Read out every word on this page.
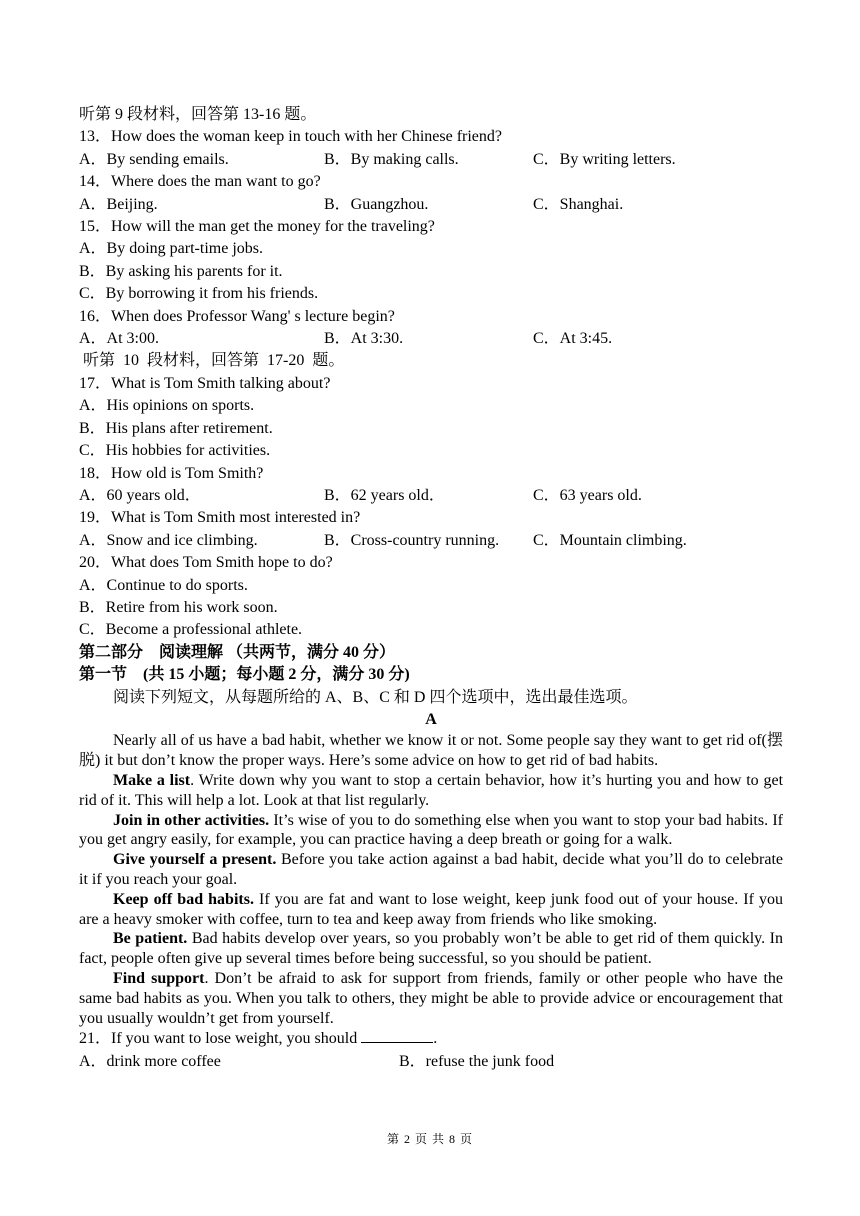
听第 9 段材料，回答第 13-16 题。
13．How does the woman keep in touch with her Chinese friend?
A．By sending emails.	B．By making calls.	C．By writing letters.
14．Where does the man want to go?
A．Beijing.	B．Guangzhou.	C．Shanghai.
15．How will the man get the money for the traveling?
A．By doing part-time jobs.
B．By asking his parents for it.
C．By borrowing it from his friends.
16．When does Professor Wang' s lecture begin?
A．At 3:00.	B．At 3:30.	C．At 3:45.
听第  10  段材料，回答第  17-20  题。
17．What is Tom Smith talking about?
A．His opinions on sports.
B．His plans after retirement.
C．His hobbies for activities.
18．How old is Tom Smith?
A．60 years old．	B．62 years old．	C．63 years old.
19．What is Tom Smith most interested in?
A．Snow and ice climbing.	B．Cross-country running.	C．Mountain climbing.
20．What does Tom Smith hope to do?
A．Continue to do sports.
B．Retire from his work soon.
C．Become a professional athlete.
第二部分　阅读理解 （共两节，满分 40 分）
第一节　(共 15 小题；每小题 2 分，满分 30 分)
阅读下列短文，从每题所给的 A、B、C 和 D 四个选项中，选出最佳选项。
A

Nearly all of us have a bad habit, whether we know it or not. Some people say they want to get rid of(摆脱) it but don’t know the proper ways. Here’s some advice on how to get rid of bad habits.

Make a list. Write down why you want to stop a certain behavior, how it’s hurting you and how to get rid of it. This will help a lot. Look at that list regularly.

Join in other activities. It’s wise of you to do something else when you want to stop your bad habits. If you get angry easily, for example, you can practice having a deep breath or going for a walk.

Give yourself a present. Before you take action against a bad habit, decide what you’ll do to celebrate it if you reach your goal.

Keep off bad habits. If you are fat and want to lose weight, keep junk food out of your house. If you are a heavy smoker with coffee, turn to tea and keep away from friends who like smoking.

Be patient. Bad habits develop over years, so you probably won’t be able to get rid of them quickly. In fact, people often give up several times before being successful, so you should be patient.

Find support. Don’t be afraid to ask for support from friends, family or other people who have the same bad habits as you. When you talk to others, they might be able to provide advice or encouragement that you usually wouldn’t get from yourself.

21．If you want to lose weight, you should	.
A．drink more coffee	B．refuse the junk food
第 2 页 共 8 页
